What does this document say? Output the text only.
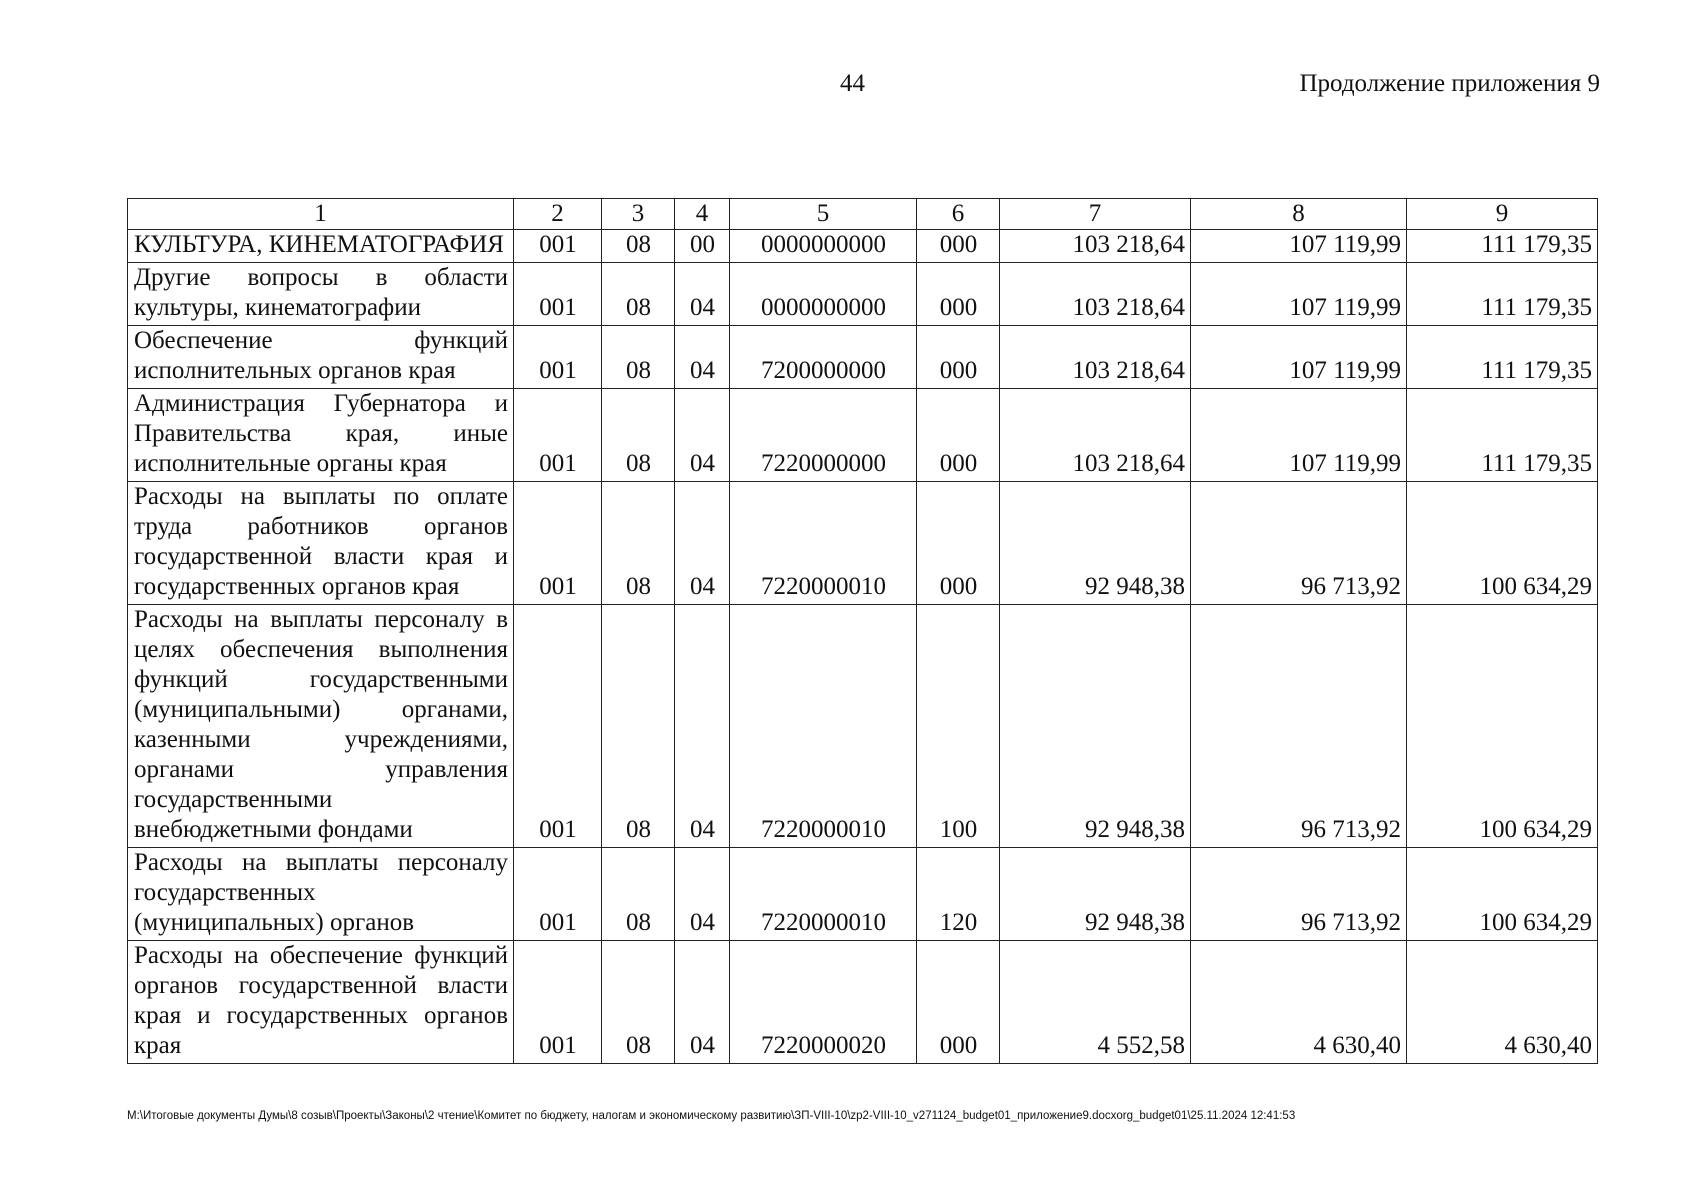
44	Продолжение приложения 9
1	2	3	4	5	6	7	8	9
КУЛЬТУРА, КИНЕМАТОГРАФИЯ	001	08	00	0000000000	000	103 218,64	107 119,99	111 179,35
Другие вопросы в области культуры, кинематографии	001	08	04	0000000000	000	103 218,64	107 119,99	111 179,35
Обеспечение функций исполнительных органов края	001	08	04	7200000000	000	103 218,64	107 119,99	111 179,35
Администрация Губернатора и Правительства края, иные исполнительные органы края	001	08	04	7220000000	000	103 218,64	107 119,99	111 179,35
Расходы на выплаты по оплате труда работников органов государственной власти края и государственных органов края	001	08	04	7220000010	000	92 948,38	96 713,92	100 634,29
Расходы на выплаты персоналу в целях обеспечения выполнения функций государственными (муниципальными) органами, казенными учреждениями, органами управления государственными внебюджетными фондами	001	08	04	7220000010	100	92 948,38	96 713,92	100 634,29
Расходы на выплаты персоналу государственных (муниципальных) органов	001	08	04	7220000010	120	92 948,38	96 713,92	100 634,29
Расходы на обеспечение функций органов государственной власти края и государственных органов края	001	08	04	7220000020	000	4 552,58	4 630,40	4 630,40
M:\Итоговые документы Думы\8 созыв\Проекты\Законы\2 чтение\Комитет по бюджету, налогам и экономическому развитию\ЗП-VIII-10\zp2-VIII-10_v271124_budget01_приложение9.docxorg_budget01\25.11.2024 12:41:53
